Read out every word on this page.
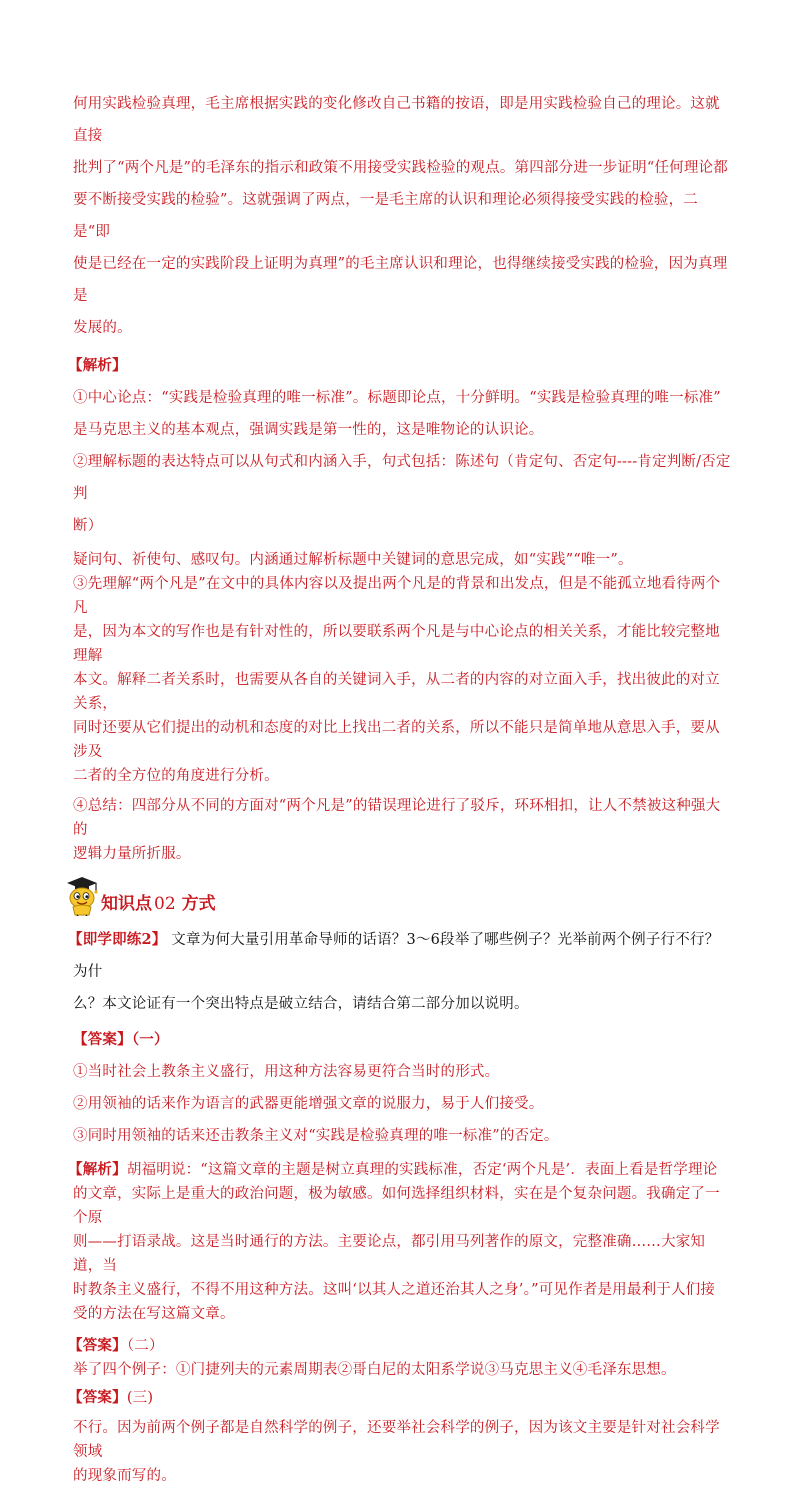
何用实践检验真理，毛主席根据实践的变化修改自己书籍的按语，即是用实践检验自己的理论。这就直接

批判了“两个凡是”的毛泽东的指示和政策不用接受实践检验的观点。第四部分进一步证明“任何理论都

要不断接受实践的检验”。这就强调了两点，一是毛主席的认识和理论必须得接受实践的检验，二是“即

使是已经在一定的实践阶段上证明为真理”的毛主席认识和理论，也得继续接受实践的检验，因为真理是

发展的。

【解析】

①中心论点：“实践是检验真理的唯一标准”。标题即论点，十分鲜明。“实践是检验真理的唯一标准”

是马克思主义的基本观点，强调实践是第一性的，这是唯物论的认识论。

②理解标题的表达特点可以从句式和内涵入手，句式包括：陈述句（肯定句、否定句----肯定判断/否定判

断）

疑问句、祈使句、感叹句。内涵通过解析标题中关键词的意思完成，如“实践”“唯一”。

③先理解“两个凡是”在文中的具体内容以及提出两个凡是的背景和出发点，但是不能孤立地看待两个凡

是，因为本文的写作也是有针对性的，所以要联系两个凡是与中心论点的相关关系，才能比较完整地理解

本文。解释二者关系时，也需要从各自的关键词入手，从二者的内容的对立面入手，找出彼此的对立关系，

同时还要从它们提出的动机和态度的对比上找出二者的关系，所以不能只是简单地从意思入手，要从涉及

二者的全方位的角度进行分析。

④总结：四部分从不同的方面对“两个凡是”的错误理论进行了驳斥，环环相扣，让人不禁被这种强大的

逻辑力量所折服。

知识点 02 方式

【即学即练2】 文章为何大量引用革命导师的话语？3～6段举了哪些例子？光举前两个例子行不行？为什

么？本文论证有一个突出特点是破立结合，请结合第二部分加以说明。

【答案】（一）

①当时社会上教条主义盛行，用这种方法容易更符合当时的形式。

②用领袖的话来作为语言的武器更能增强文章的说服力，易于人们接受。

③同时用领袖的话来还击教条主义对“实践是检验真理的唯一标准”的否定。

【解析】胡福明说：“这篇文章的主题是树立真理的实践标准，否定‘两个凡是’．表面上看是哲学理论

的文章，实际上是重大的政治问题，极为敏感。如何选择组织材料，实在是个复杂问题。我确定了一个原

则——打语录战。这是当时通行的方法。主要论点，都引用马列著作的原文，完整准确……大家知道，当

时教条主义盛行，不得不用这种方法。这叫‘以其人之道还治其人之身’。”可见作者是用最利于人们接

受的方法在写这篇文章。

【答案】（二）

举了四个例子：①门捷列夫的元素周期表②哥白尼的太阳系学说③马克思主义④毛泽东思想。

【答案】(三)

不行。因为前两个例子都是自然科学的例子，还要举社会科学的例子，因为该文主要是针对社会科学领域

的现象而写的。
